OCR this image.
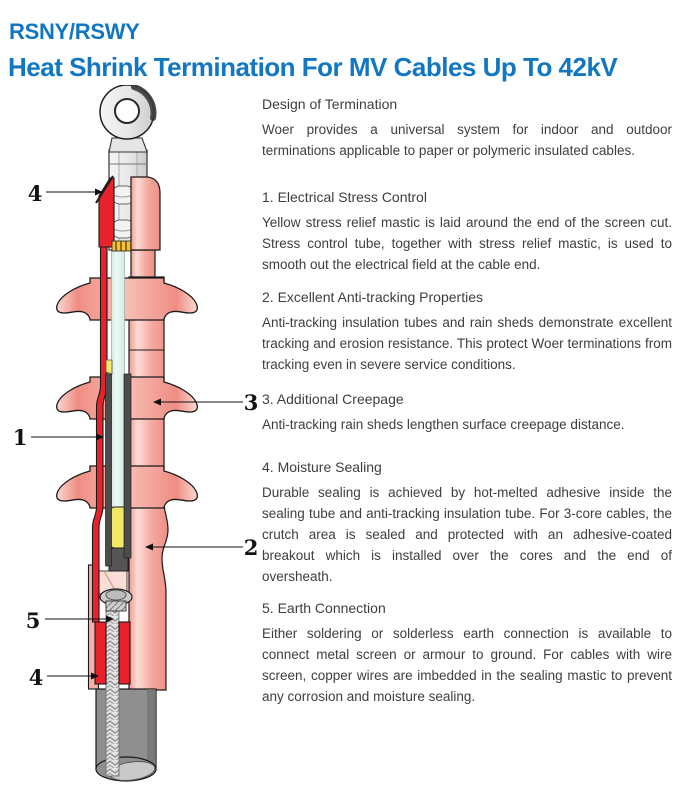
RSNY/RSWY
Heat Shrink Termination For MV Cables Up To 42kV
4
3
1
2
5
4
Design of Termination

Woer provides a universal system for indoor and outdoor terminations applicable to paper or polymeric insulated cables.

1. Electrical Stress Control

Yellow stress relief mastic is laid around the end of the screen cut. Stress control tube, together with stress relief mastic, is used to smooth out the electrical field at the cable end.

2. Excellent Anti-tracking Properties

Anti-tracking insulation tubes and rain sheds demonstrate excellent tracking and erosion resistance. This protect Woer terminations from tracking even in severe service conditions.

3. Additional Creepage

Anti-tracking rain sheds lengthen surface creepage distance.

4. Moisture Sealing

Durable sealing is achieved by hot-melted adhesive inside the sealing tube and anti-tracking insulation tube. For 3-core cables, the crutch area is sealed and protected with an adhesive-coated breakout which is installed over the cores and the end of oversheath.

5. Earth Connection

Either soldering or solderless earth connection is available to connect metal screen or armour to ground. For cables with wire screen, copper wires are imbedded in the sealing mastic to prevent any corrosion and moisture sealing.
